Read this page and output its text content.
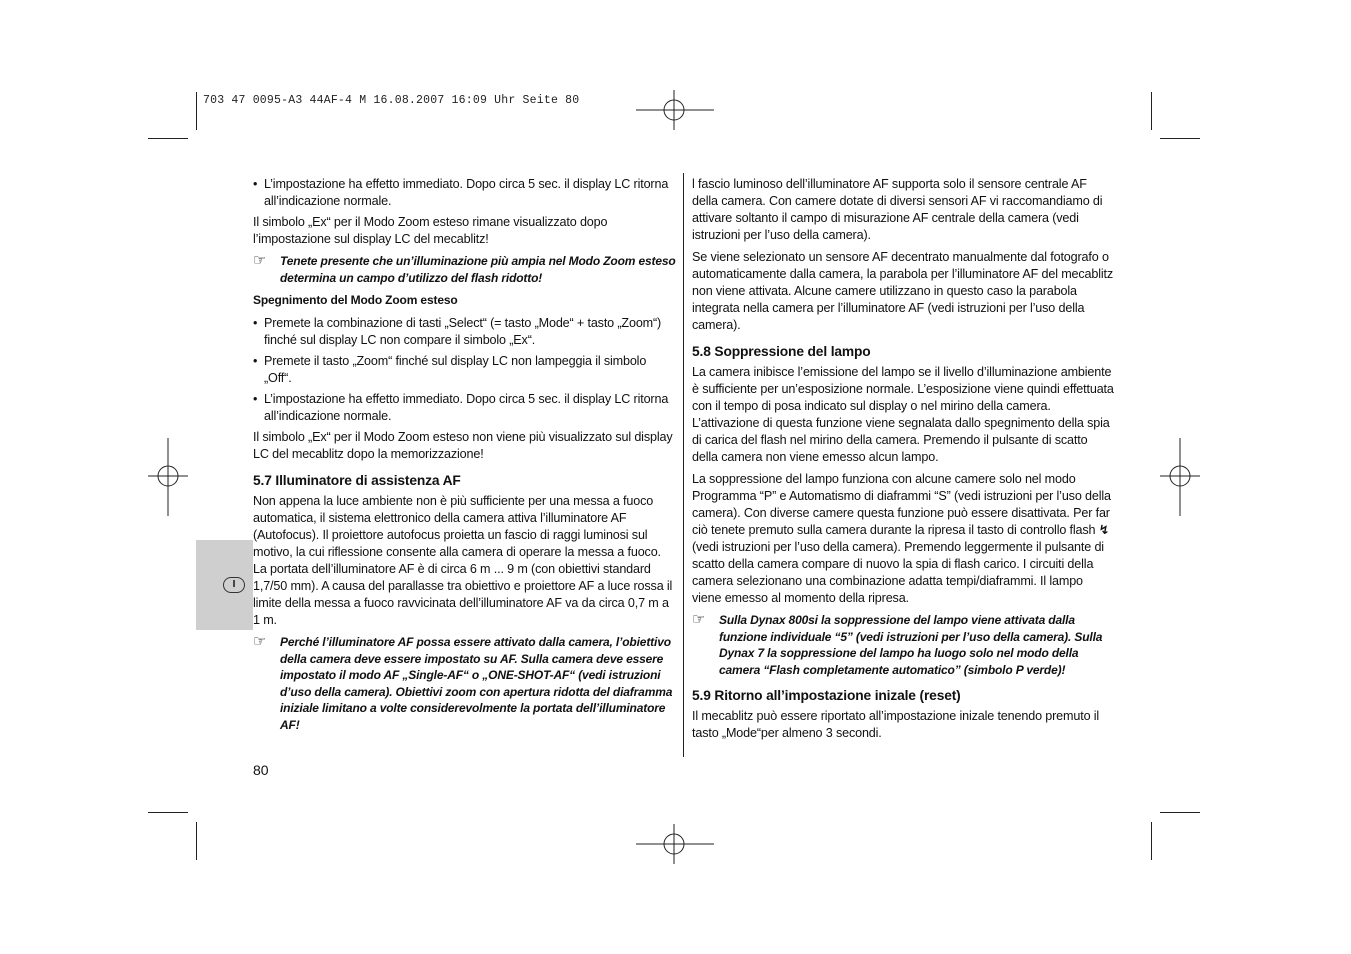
703 47 0095-A3 44AF-4 M 16.08.2007 16:09 Uhr Seite 80
I
• L’impostazione ha effetto immediato. Dopo circa 5 sec. il display LC ritorna all’indicazione normale.

Il simbolo „Ex“ per il Modo Zoom esteso rimane visualizzato dopo l’impostazione sul display LC del mecablitz!

☞	Tenete presente che un’illuminazione più ampia nel Modo Zoom esteso determina un campo d’utilizzo del flash ridotto!
Spegnimento del Modo Zoom esteso
• Premete la combinazione di tasti „Select“ (= tasto „Mode“ + tasto „Zoom“) finché sul display LC non compare il simbolo „Ex“.
• Premete il tasto „Zoom“ finché sul display LC non lampeggia il simbolo „Off“.
• L’impostazione ha effetto immediato. Dopo circa 5 sec. il display LC ritorna all’indicazione normale.

Il simbolo „Ex“ per il Modo Zoom esteso non viene più visualizzato sul display LC del mecablitz dopo la memorizzazione!

5.7 Illuminatore di assistenza AF

Non appena la luce ambiente non è più sufficiente per una messa a fuoco automatica, il sistema elettronico della camera attiva l’illuminatore AF (Autofocus). Il proiettore autofocus proietta un fascio di raggi luminosi sul motivo, la cui riflessione consente alla camera di operare la messa a fuoco. La portata dell’illuminatore AF è di circa 6 m ... 9 m (con obiettivi standard 1,7/50 mm). A causa del parallasse tra obiettivo e proiettore AF a luce rossa il limite della messa a fuoco ravvicinata dell’illuminatore AF va da circa 0,7 m a 1 m.

☞	Perché l’illuminatore AF possa essere attivato dalla camera, l’obiettivo della camera deve essere impostato su AF. Sulla camera deve essere impostato il modo AF „Single-AF“ o „ONE-SHOT-AF“ (vedi istruzioni d’uso della camera). Obiettivi zoom con apertura ridotta del diaframma iniziale limitano a volte considerevolmente la portata dell’illuminatore AF!

l fascio luminoso dell’illuminatore AF supporta solo il sensore centrale AF della camera. Con camere dotate di diversi sensori AF vi raccomandiamo di attivare soltanto il campo di misurazione AF centrale della camera (vedi istruzioni per l’uso della camera).

Se viene selezionato un sensore AF decentrato manualmente dal fotografo o automaticamente dalla camera, la parabola per l’illuminatore AF del mecablitz non viene attivata. Alcune camere utilizzano in questo caso la parabola integrata nella camera per l’illuminatore AF (vedi istruzioni per l’uso della camera).

5.8 Soppressione del lampo

La camera inibisce l’emissione del lampo se il livello d’illuminazione ambiente è sufficiente per un’esposizione normale. L’esposizione viene quindi effettuata con il tempo di posa indicato sul display o nel mirino della camera. L’attivazione di questa funzione viene segnalata dallo spegnimento della spia di carica del flash nel mirino della camera. Premendo il pulsante di scatto della camera non viene emesso alcun lampo.

La soppressione del lampo funziona con alcune camere solo nel modo Programma “P” e Automatismo di diaframmi “S” (vedi istruzioni per l’uso della camera). Con diverse camere questa funzione può essere disattivata. Per far ciò tenete premuto sulla camera durante la ripresa il tasto di controllo flash ↯ (vedi istruzioni per l’uso della camera). Premendo leggermente il pulsante di scatto della camera compare di nuovo la spia di flash carico. I circuiti della camera selezionano una combinazione adatta tempi/diaframmi. Il lampo viene emesso al momento della ripresa.

☞	Sulla Dynax 800si la soppressione del lampo viene attivata dalla funzione individuale “5” (vedi istruzioni per l’uso della camera). Sulla Dynax 7 la soppressione del lampo ha luogo solo nel modo della camera “Flash completamente automatico” (simbolo P verde)!
5.9 Ritorno all’impostazione inizale (reset)

Il mecablitz può essere riportato all’impostazione inizale tenendo premuto il tasto „Mode“per almeno 3 secondi.

80
